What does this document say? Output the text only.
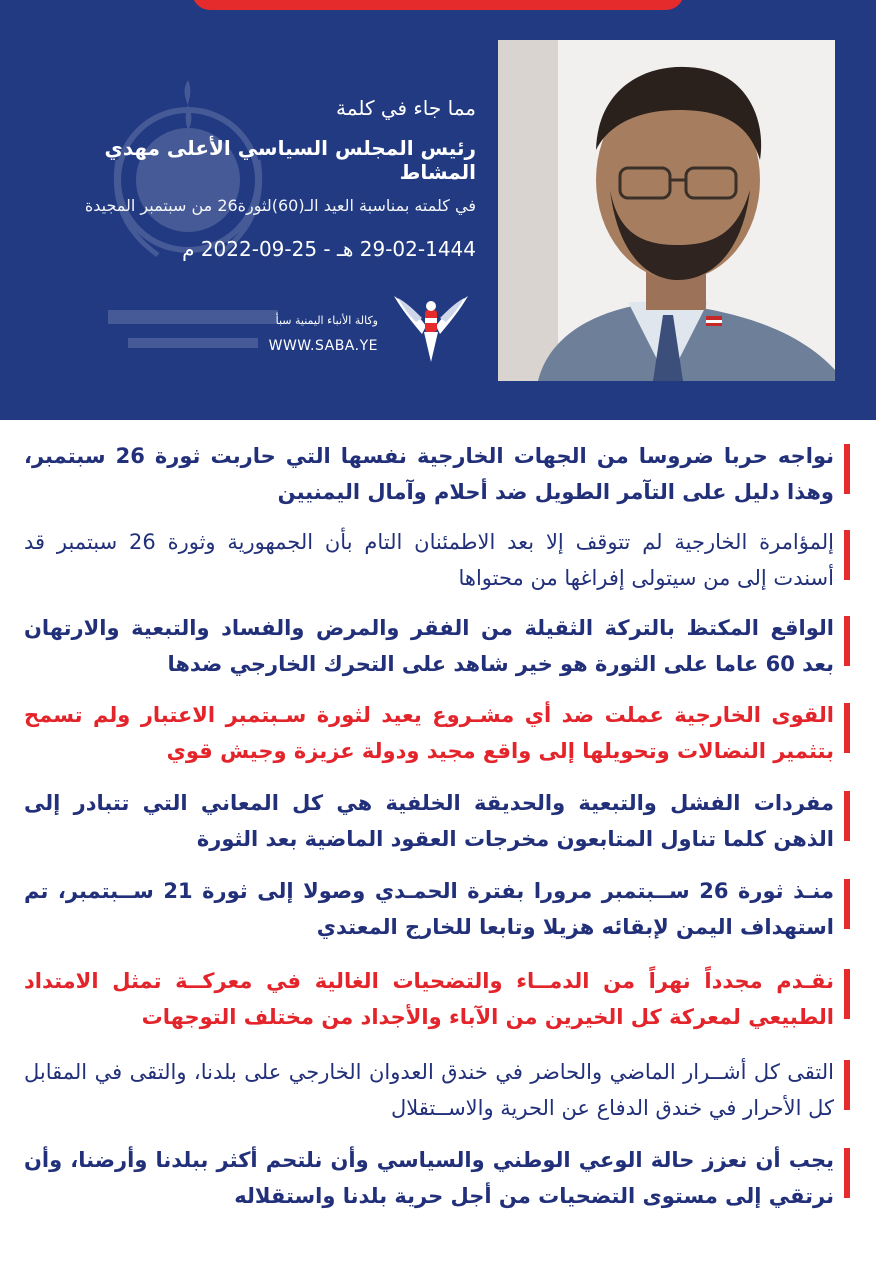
مما جاء في كلمة

رئيس المجلس السياسي الأعلى مهدي المشاط

في كلمته بمناسبة العيد الـ(60)لثورة26 من سبتمبر المجيدة

29-02-1444 هـ - 25-09-2022 م

وكالة الأنباء اليمنية سبأ
WWW.SABA.YE

نواجه حربا ضروسا من الجهات الخارجية نفسها التي حاربت ثورة 26 سبتمبر، وهذا دليل على التآمر الطويل ضد أحلام وآمال اليمنيين

إلمؤامرة الخارجية لم تتوقف إلا بعد الاطمئنان التام بأن الجمهورية وثورة 26 سبتمبر قد أسندت إلى من سيتولى إفراغها من محتواها

الواقع المكتظ بالتركة الثقيلة من الفقر والمرض والفساد والتبعية والارتهان بعد 60 عاما على الثورة هو خير شاهد على التحرك الخارجي ضدها

القوى الخارجية عملت ضد أي مشـروع يعيد لثورة سـبتمبر الاعتبار ولم تسمح بتثمير النضالات وتحويلها إلى واقع مجيد ودولة عزيزة وجيش قوي

مفردات الفشل والتبعية والحديقة الخلفية هي كل المعاني التي تتبادر إلى الذهن كلما تناول المتابعون مخرجات العقود الماضية بعد الثورة

منـذ ثورة 26 ســبتمبر مرورا بفترة الحمـدي وصولا إلى ثورة 21 ســبتمبر، تم استهداف اليمن لإبقائه هزيلا وتابعا للخارج المعتدي

نقـدم مجدداً نهراً من الدمــاء والتضحيات الغالية في معركــة تمثل الامتداد الطبيعي لمعركة كل الخيرين من الآباء والأجداد من مختلف التوجهات

التقى كل أشــرار الماضي والحاضر في خندق العدوان الخارجي على بلدنا، والتقى في المقابل كل الأحرار في خندق الدفاع عن الحرية والاســتقلال

يجب أن نعزز حالة الوعي الوطني والسياسي وأن نلتحم أكثر ببلدنا وأرضنا، وأن نرتقي إلى مستوى التضحيات من أجل حرية بلدنا واستقلاله
